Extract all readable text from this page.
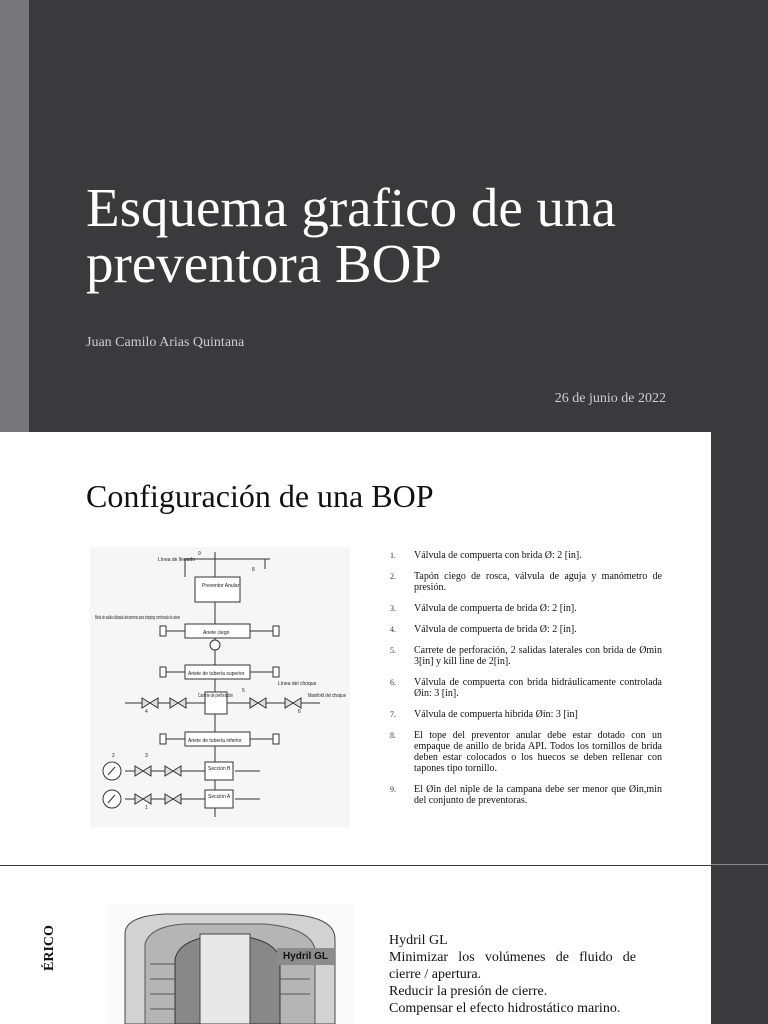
Esquema grafico de una preventora BOP
Juan Camilo Arias Quintana
26 de junio de 2022
Configuración de una BOP
Línea de llenado
9
8
Preventor Anular
Brida de salida utilizada únicamente para stripping combinado de ariete
Ariete ciego
Ariete de tubería superior
Línea del choque
Carrete de perforación
5
Manifold del choque
4	6
Ariete de tubería inferior
2	3
Sección B
Sección A
1
1. Válvula de compuerta con brida Ø: 2 [in].
2. Tapón ciego de rosca, válvula de aguja y manómetro de presión.
3. Válvula de compuerta de brida Ø: 2 [in].
4. Válvula de compuerta de brida Ø: 2 [in].
5. Carrete de perforación, 2 salidas laterales con brida de Ømin 3[in] y kill line de 2[in].
6. Válvula de compuerta con brida hidráulicamente controlada Øin: 3 [in].
7. Válvula de compuerta hibrida Øin: 3 [in]
8. El tope del preventor anular debe estar dotado con un empaque de anillo de brida API. Todos los tornillos de brida deben estar colocados o los huecos se deben rellenar con tapones tipo tornillo.
9. El Øin del niple de la campana debe ser menor que Øin,min del conjunto de preventoras.
ÉRICO	Hydril GL
Hydril GL
Minimizar los volúmenes de fluido de cierre / apertura.
Reducir la presión de cierre.
Compensar el efecto hidrostático marino.
